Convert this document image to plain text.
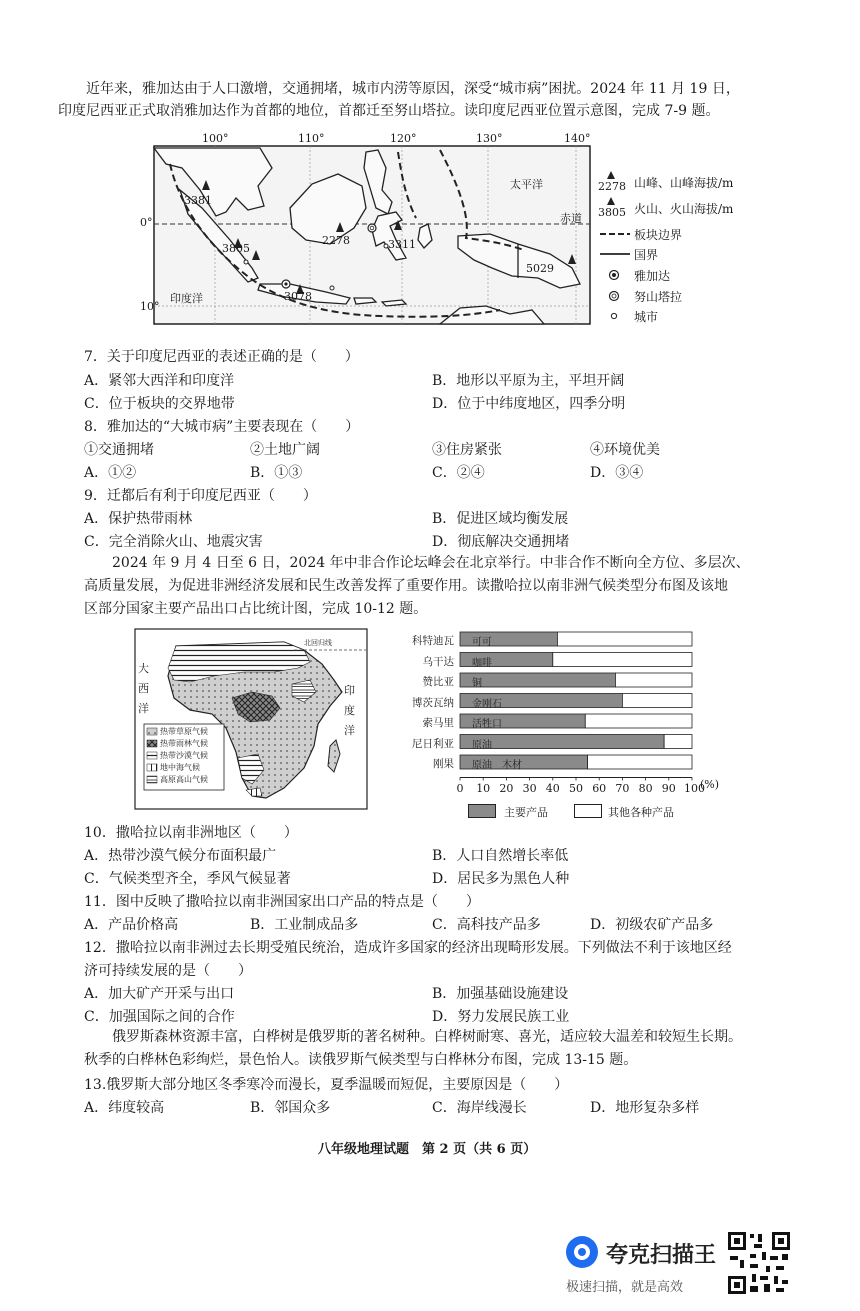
近年来，雅加达由于人口激增，交通拥堵，城市内涝等原因，深受“城市病”困扰。2024 年 11 月 19 日，
印度尼西亚正式取消雅加达作为首都的地位，首都迁至努山塔拉。读印度尼西亚位置示意图，完成 7-9 题。
100°	110°	120°	130°	140°
0°
10°
太平洋
印度洋
赤道
3381
3805
2278	3311
5029
3078
2278 山峰、山峰海拔/m
3805 火山、火山海拔/m
板块边界
国界
雅加达
努山塔拉
城市
7．关于印度尼西亚的表述正确的是（　　）
A．紧邻大西洋和印度洋	B．地形以平原为主，平坦开阔
C．位于板块的交界地带	D．位于中纬度地区，四季分明
8．雅加达的“大城市病”主要表现在（　　）
①交通拥堵	②土地广阔	③住房紧张	④环境优美
A．①②	B．①③	C．②④	D．③④
9．迁都后有利于印度尼西亚（　　）
A．保护热带雨林	B．促进区域均衡发展
C．完全消除火山、地震灾害	D．彻底解决交通拥堵
2024 年 9 月 4 日至 6 日，2024 年中非合作论坛峰会在北京举行。中非合作不断向全方位、多层次、
高质量发展，为促进非洲经济发展和民生改善发挥了重要作用。读撒哈拉以南非洲气候类型分布图及该地
区部分国家主要产品出口占比统计图，完成 10-12 题。
大
西
洋
印
度
洋
北回归线
热带草原气候
热带雨林气候
热带沙漠气候
地中海气候
高原高山气候
科特迪瓦
乌干达
赞比亚
博茨瓦纳
索马里
尼日利亚
刚果
可可
咖啡
铜
金刚石
活牲口
原油
原油　木材
0	10 20 30 40 50 60 70 80 90 100
(%)
主要产品	其他各种产品
10．撒哈拉以南非洲地区（　　）
A．热带沙漠气候分布面积最广	B．人口自然增长率低
C．气候类型齐全，季风气候显著	D．居民多为黑色人种
11．图中反映了撒哈拉以南非洲国家出口产品的特点是（　　）
A．产品价格高	B．工业制成品多	C．高科技产品多	D．初级农矿产品多
12．撒哈拉以南非洲过去长期受殖民统治，造成许多国家的经济出现畸形发展。下列做法不利于该地区经
济可持续发展的是（　　）
A．加大矿产开采与出口	B．加强基础设施建设
C．加强国际之间的合作	D．努力发展民族工业
俄罗斯森林资源丰富，白桦树是俄罗斯的著名树种。白桦树耐寒、喜光，适应较大温差和较短生长期。
秋季的白桦林色彩绚烂，景色怡人。读俄罗斯气候类型与白桦林分布图，完成 13-15 题。
13.俄罗斯大部分地区冬季寒冷而漫长，夏季温暖而短促，主要原因是（　　）
A．纬度较高	B．邻国众多	C．海岸线漫长	D．地形复杂多样
八年级地理试题　第 2 页（共 6 页）
夸克扫描王
极速扫描，就是高效
